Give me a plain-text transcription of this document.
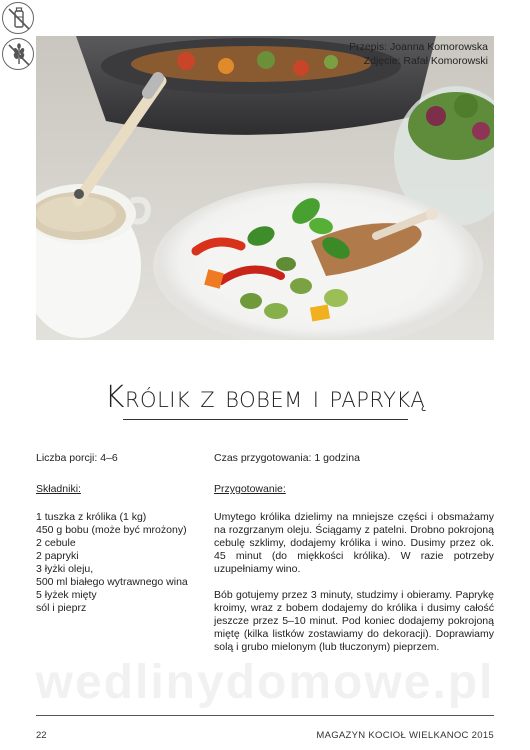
Przepis: Joanna Komorowska
Zdjęcie: Rafał Komorowski
Królik z bobem i papryką

Liczba porcji: 4–6

Składniki:

1 tuszka z królika (1 kg)
450 g bobu (może być mrożony)
2 cebule
2 papryki
3 łyżki oleju,
500 ml białego wytrawnego wina
5 łyżek mięty
sól i pieprz

Czas przygotowania: 1 godzina

Przygotowanie:

Umytego królika dzielimy na mniejsze części i obsmażamy na rozgrzanym oleju. Ściągamy z patelni. Drobno pokrojoną cebulę szklimy, dodajemy królika i wino. Dusimy przez ok. 45 minut (do miękkości królika). W razie potrzeby uzupełniamy wino.

Bób gotujemy przez 3 minuty, studzimy i obieramy. Paprykę kroimy, wraz z bobem dodajemy do królika i dusimy całość jeszcze przez 5–10 minut. Pod koniec dodajemy pokrojoną miętę (kilka listków zostawiamy do dekoracji). Doprawiamy solą i grubo mielonym (lub tłuczonym) pieprzem.

wedlinydomowe.pl
22	MAGAZYN KOCIOŁ WIELKANOC 2015
